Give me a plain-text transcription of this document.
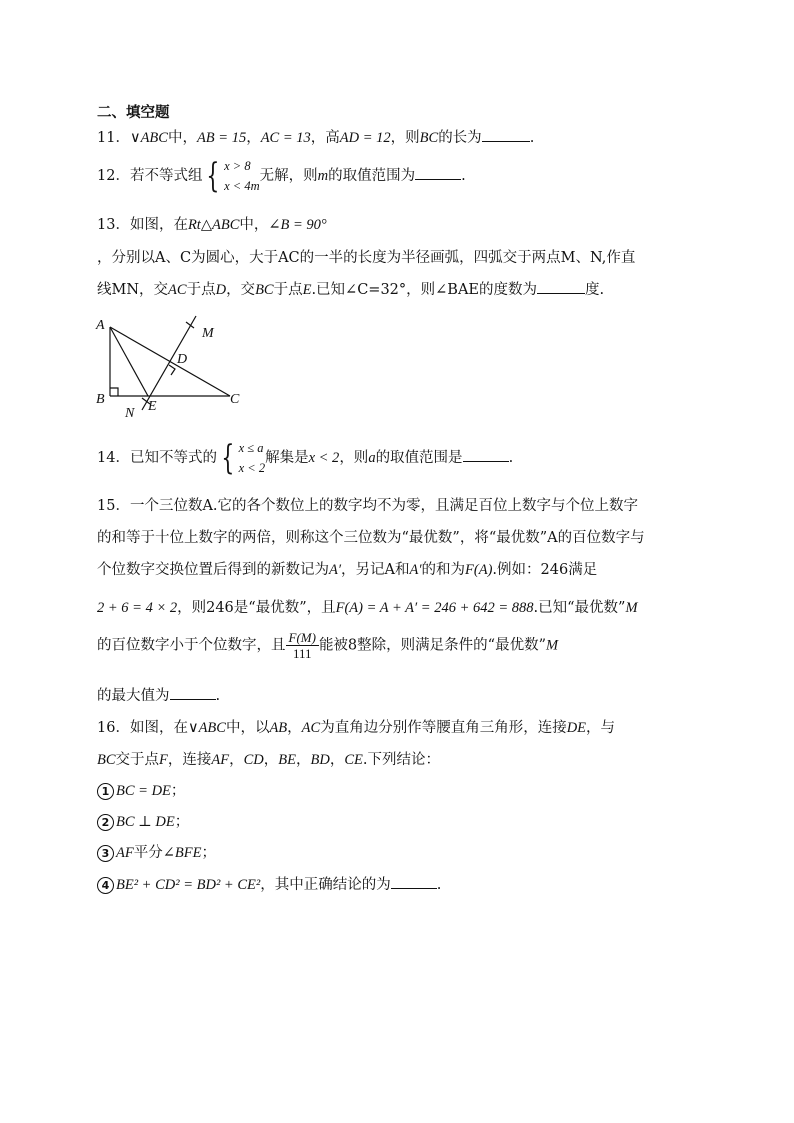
二、填空题
11．∨ABC中，AB = 15，AC = 13，高AD = 12，则BC的长为	.
12．若不等式组 { x > 8
x < 4m
无解，则m的取值范围为	.
13．如图，在Rt△ABC中，∠B = 90°
，分别以A、C为圆心，大于AC的一半的长度为半径画弧，四弧交于两点M、N,作直
线MN，交AC于点D，交BC于点E.已知∠C=32°，则∠BAE的度数为	度.
A
B	C
D
E
M
N
14．已知不等式的 { x ≤ a
x < 2
解集是x < 2，则a的取值范围是	.
15．一个三位数A.它的各个数位上的数字均不为零，且满足百位上数字与个位上数字
的和等于十位上数字的两倍，则称这个三位数为“最优数”，将“最优数”A的百位数字与
个位数字交换位置后得到的新数记为A′，另记A和A′的和为F(A).例如：246满足
2 + 6 = 4 × 2，则246是“最优数”，且F(A) = A + A′ = 246 + 642 = 888.已知“最优数”M
的百位数字小于个位数字，且 $\frac{F(M)}{111}$ 能被8整除，则满足条件的“最优数”M
的最大值为	.
16．如图，在∨ABC中，以AB，AC为直角边分别作等腰直角三角形，连接DE，与
BC交于点F，连接AF，CD，BE，BD，CE.下列结论：
1 BC = DE；
2 BC ⊥ DE；
3 AF平分∠BFE；
4 BE² + CD² = BD² + CE²，其中正确结论的为	.
